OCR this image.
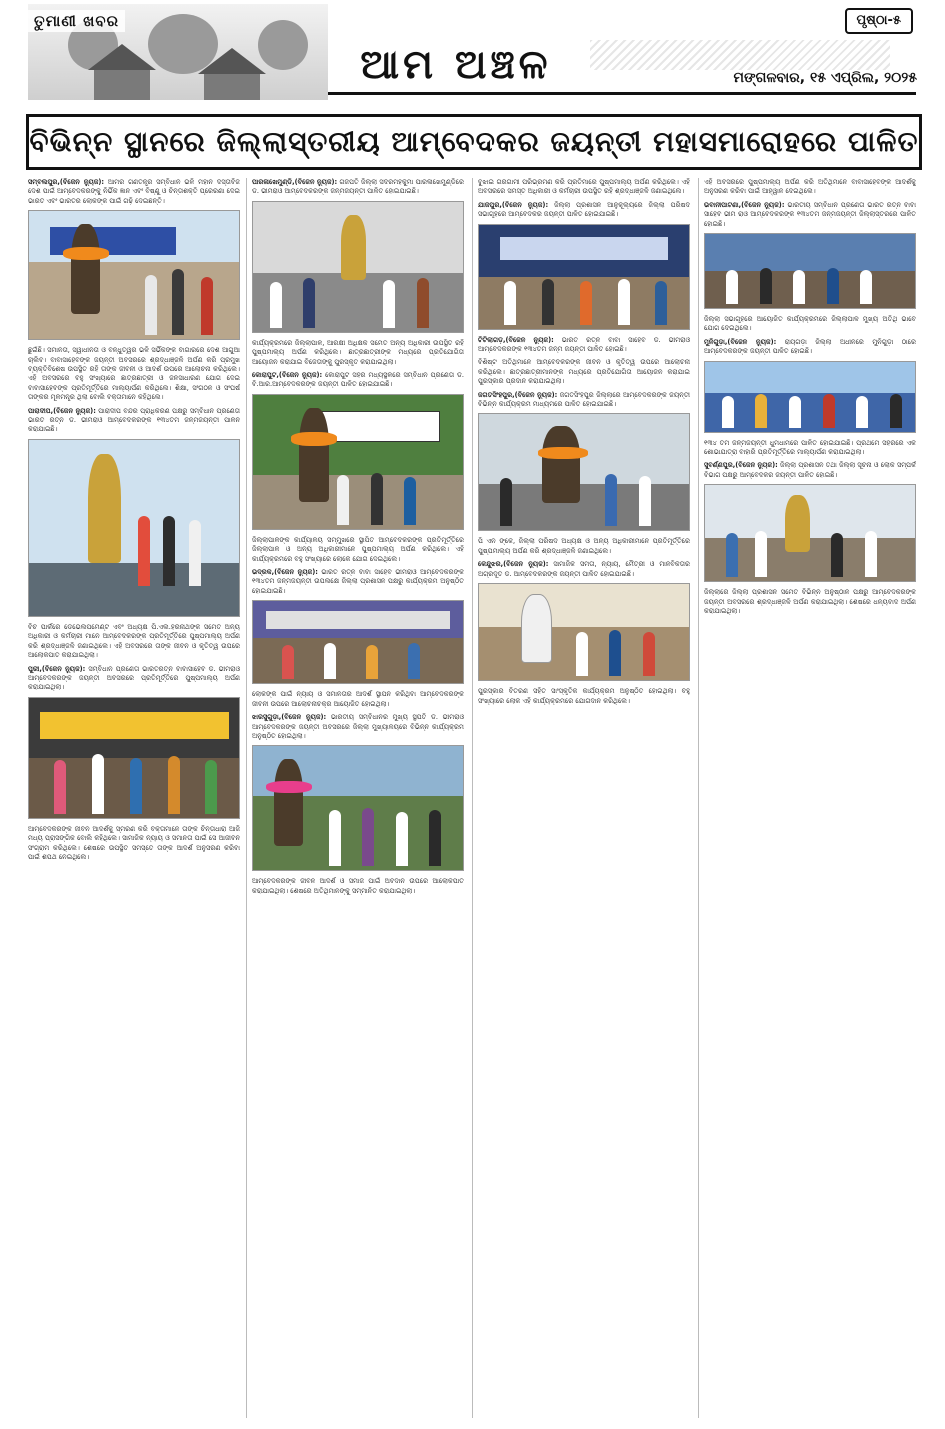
ତୁମାଣୀ ଖବର
ଆମ ଅଞ୍ଚଳ
ପୃଷ୍ଠା-୫
ମଙ୍ଗଳବାର, ୧୫ ଏପ୍ରିଲ, ୨୦୨୫
ବିଭିନ୍ନ ସ୍ଥାନରେ ଜିଲ୍ଲାସ୍ତରୀୟ ଆମ୍ବେଦକର ଜୟନ୍ତୀ ମହାସମାରୋହରେ ପାଳିତ

ସମ୍ବଲପୁର,(ବିଜେନ ନ୍ୟୁଜ): ଆମର ଗଣତନ୍ତ୍ର ସମ୍ବିଧାନ ଭଳି ମହାନ ଦସ୍ତାବିଜ ଦେଶ ପାଇଁ ଆମ୍ବେଦକରଙ୍କୁ ନିର୍ଭିକ ଜ୍ଞାନ ଏବଂ ବିଷ୍ଣୁ ଓ ଚିନ୍ତାଶକ୍ତି ପ୍ରେରଣା ଦେଇ ଭାରତ ଏବଂ ଭାରତର ଲୋକଙ୍କ ପାଇଁ ଗଢ଼ି ଦେଇଛନ୍ତି।

ଛୁଇଁଛି। ସମାନତା, ସ୍ୱାଧୀନତା ଓ ବନ୍ଧୁତ୍ୱର ଭଳି ସର୍ଭିକଙ୍କ ବାଗାରରେ ଦେଶ ଆଗୁଆ ଚାଲିବ। ବାବାସାହେବଙ୍କ ଜୟନ୍ତୀ ଅବସରରେ ଶ୍ରଦ୍ଧାଞ୍ଜଳି ଅର୍ପଣ କରି ପ୍ରମୁଖ ବ୍ୟକ୍ତିବିଶେଷ ଉପସ୍ଥିତ ରହି ତାଙ୍କ ଜୀବନୀ ଓ ଆଦର୍ଶ ଉପରେ ଆଲୋଚନା କରିଥିଲେ। ଏହି ଅବସରରେ ବହୁ ସଂଖ୍ୟାରେ ଛାତ୍ରଛାତ୍ରୀ ଓ ଜନସାଧାରଣ ଯୋଗ ଦେଇ ବାବାସାହେବଙ୍କ ପ୍ରତିମୂର୍ତ୍ତିରେ ମାଲ୍ୟାର୍ପଣ କରିଥିଲେ। ଶିକ୍ଷା, ସଂଗଠନ ଓ ସଂଘର୍ଷ ତାଙ୍କର ମୂଳମନ୍ତ୍ର ଥିଲା ବୋଲି ବକ୍ତାମାନେ କହିଥିଲେ।

ପାରାଦୀପ,(ବିଜେନ ନ୍ୟୁଜ): ପାରାଦୀପ ବନ୍ଦର ପ୍ରାଧିକରଣ ପକ୍ଷରୁ ସମ୍ବିଧାନ ପ୍ରଣେତା ଭାରତ ରତ୍ନ ଡ. ଭୀମରାଓ ଆମ୍ବେଦକରଙ୍କ ୧୩୪ତମ ଜନ୍ମଜୟନ୍ତୀ ପାଳନ କରାଯାଇଛି।

ବିଚ ପାର୍କରେ ଡେଭେଲପମେଣ୍ଟ ଏବଂ ଅଧ୍ୟକ୍ଷ ପି.ଏଲ.ହରନାଥଙ୍କ ସମେତ ଅନ୍ୟ ଅଧିକାରୀ ଓ କର୍ମଚାରୀ ମାନେ ଆମ୍ବେଦକରଙ୍କ ପ୍ରତିମୂର୍ତ୍ତିରେ ପୁଷ୍ପମାଲ୍ୟ ଅର୍ପଣ କରି ଶ୍ରଦ୍ଧାଞ୍ଜଳି ଜଣାଇଥିଲେ। ଏହି ଅବସରରେ ତାଙ୍କ ଜୀବନ ଓ କୃତିତ୍ୱ ଉପରେ ଆଲୋକପାତ କରାଯାଇଥିଲା।

ପୁରୀ,(ବିଜେନ ନ୍ୟୁଜ): ସମ୍ବିଧାନ ପ୍ରଣେତା ଭାରତରତ୍ନ ବାବାସାହେବ ଡ. ଭୀମରାଓ ଆମ୍ବେଦକରଙ୍କ ଜୟନ୍ତୀ ଅବସରରେ ପ୍ରତିମୂର୍ତ୍ତିରେ ପୁଷ୍ପମାଲ୍ୟ ଅର୍ପଣ କରାଯାଇଥିଲା।

ଆମ୍ବେଦକରଙ୍କ ଜୀବନ ଆଦର୍ଶକୁ ସ୍ମରଣ କରି ବକ୍ତାମାନେ ତାଙ୍କ ଚିନ୍ତାଧାରା ଆଜି ମଧ୍ୟ ପ୍ରାସଙ୍ଗିକ ବୋଲି କହିଥିଲେ। ସାମାଜିକ ନ୍ୟାୟ ଓ ସମାନତା ପାଇଁ ସେ ଆଜୀବନ ସଂଗ୍ରାମ କରିଥିଲେ। ଶେଷରେ ଉପସ୍ଥିତ ସମସ୍ତେ ତାଙ୍କ ଆଦର୍ଶ ଅନୁସରଣ କରିବା ପାଇଁ ଶପଥ ନେଇଥିଲେ।

ପାରଳାଖେମୁଣ୍ଡି,(ବିଜେନ ନ୍ୟୁଜ): ଗଜପତି ଜିଲ୍ଲା ସଦରମହକୁମା ପାରଳାଖେମୁଣ୍ଡିରେ ଡ. ଭୀମରାଓ ଆମ୍ବେଦକରଙ୍କ ଜନ୍ମଜୟନ୍ତୀ ପାଳିତ ହୋଇଯାଇଛି।

କାର୍ଯ୍ୟକ୍ରମରେ ଜିଲ୍ଲାପାଳ, ଆରକ୍ଷୀ ଅଧିକ୍ଷକ ସମେତ ଅନ୍ୟ ଅଧିକାରୀ ଉପସ୍ଥିତ ରହି ପୁଷ୍ପମାଲ୍ୟ ଅର୍ପଣ କରିଥିଲେ। ଛାତ୍ରଛାତ୍ରୀଙ୍କ ମଧ୍ୟରେ ପ୍ରତିଯୋଗିତା ଆୟୋଜନ କରାଯାଇ ବିଜେତାଙ୍କୁ ପୁରସ୍କୃତ କରାଯାଇଥିଲା।

କୋରାପୁଟ,(ବିଜେନ ନ୍ୟୁଜ): କୋରାପୁଟ ସହର ମଧ୍ୟସ୍ଥଳରେ ସମ୍ବିଧାନ ପ୍ରଣେତା ଡ. ବି.ଆର.ଆମ୍ବେଦକରଙ୍କ ଜୟନ୍ତୀ ପାଳିତ ହୋଇଯାଇଛି।

ଜିଲ୍ଲାପାଳଙ୍କ କାର୍ଯ୍ୟାଳୟ ସମ୍ମୁଖରେ ସ୍ଥାପିତ ଆମ୍ବେଦକରଙ୍କ ପ୍ରତିମୂର୍ତ୍ତିରେ ଜିଲ୍ଲାପାଳ ଓ ଅନ୍ୟ ଅଧିକାରୀମାନେ ପୁଷ୍ପମାଲ୍ୟ ଅର୍ପଣ କରିଥିଲେ। ଏହି କାର୍ଯ୍ୟକ୍ରମରେ ବହୁ ସଂଖ୍ୟାରେ ଲୋକେ ଯୋଗ ଦେଇଥିଲେ।

ଭଦ୍ରକ,(ବିଜେନ ନ୍ୟୁଜ): ଭାରତ ରତ୍ନ ବାବା ସାହେବ ଭୀମରାଓ ଆମ୍ବେଦକରଙ୍କ ୧୩୪ତମ ଜନ୍ମଜୟନ୍ତୀ ଉପଲକ୍ଷେ ଜିଲ୍ଲା ପ୍ରଶାସନ ପକ୍ଷରୁ କାର୍ଯ୍ୟକ୍ରମ ଅନୁଷ୍ଠିତ ହୋଇଯାଇଛି।

ଲୋକଙ୍କ ପାଇଁ ନ୍ୟାୟ ଓ ସମାନତାର ଆଦର୍ଶ ସ୍ଥାପନ କରିଥିବା ଆମ୍ବେଦକରଙ୍କ ଜୀବନୀ ଉପରେ ଆଲୋଚନାଚକ୍ର ଆୟୋଜିତ ହୋଇଥିଲା।

ଝାରସୁଗୁଡ଼ା,(ବିଜେନ ନ୍ୟୁଜ): ଭାରତୀୟ ସମ୍ବିଧାନର ମୁଖ୍ୟ ସ୍ଥପତି ଡ. ଭୀମରାଓ ଆମ୍ବେଦକରଙ୍କ ଜୟନ୍ତୀ ଅବସରରେ ଜିଲ୍ଲା ମୁଖ୍ୟାଳୟରେ ବିଭିନ୍ନ କାର୍ଯ୍ୟକ୍ରମ ଅନୁଷ୍ଠିତ ହୋଇଥିଲା।

ଆମ୍ବେଦକରଙ୍କ ଜୀବନ ଆଦର୍ଶ ଓ ସମାଜ ପାଇଁ ଅବଦାନ ଉପରେ ଆଲୋକପାତ କରାଯାଇଥିଲା। ଶେଷରେ ଅତିଥିମାନଙ୍କୁ ସମ୍ମାନିତ କରାଯାଇଥିଲା।

ବୁଝାଇ ଗରଗାମୀ ପରିଭ୍ରମଣ କରି ପ୍ରତିମାରେ ପୁଷ୍ପମାଲ୍ୟ ଅର୍ପଣ କରିଥିଲେ। ଏହି ଅବସରରେ ସମସ୍ତ ଅଧିକାରୀ ଓ କର୍ମଚାରୀ ଉପସ୍ଥିତ ରହି ଶ୍ରଦ୍ଧାଞ୍ଜଳି ଜଣାଇଥିଲେ।

ଯାଜପୁର,(ବିଜେନ ନ୍ୟୁଜ): ଜିଲ୍ଲା ପ୍ରଶାସନ ଆନୁକୂଲ୍ୟରେ ଜିଲ୍ଲା ପରିଷଦ ସଭାଗୃହରେ ଆମ୍ବେଦକର ଜୟନ୍ତୀ ପାଳିତ ହୋଇଯାଇଛି।

ଟିଟିଲାଗଡ଼,(ବିଜେନ ନ୍ୟୁଜ): ଭାରତ ରତ୍ନ ବାବା ସାହେବ ଡ. ଭୀମରାଓ ଆମ୍ବେଦକରଙ୍କ ୧୩୪ତମ ଜନ୍ମ ଜୟନ୍ତୀ ପାଳିତ ହୋଇଛି।

ବିଶିଷ୍ଟ ଅତିଥିମାନେ ଆମ୍ବେଦକରଙ୍କ ଜୀବନ ଓ କୃତିତ୍ୱ ଉପରେ ଆଲୋଚନା କରିଥିଲେ। ଛାତ୍ରଛାତ୍ରୀମାନଙ୍କ ମଧ୍ୟରେ ପ୍ରତିଯୋଗିତା ଆୟୋଜନ କରାଯାଇ ପୁରସ୍କାର ପ୍ରଦାନ କରାଯାଇଥିଲା।

ଜଗତସିଂହପୁର,(ବିଜେନ ନ୍ୟୁଜ): ଜଗତସିଂହପୁର ଜିଲ୍ଲାରେ ଆମ୍ବେଦକରଙ୍କ ଜୟନ୍ତୀ ବିଭିନ୍ନ କାର୍ଯ୍ୟକ୍ରମ ମାଧ୍ୟମରେ ପାଳିତ ହୋଇଯାଇଛି।

ପି ଏନ ଙ୍କେ, ଜିଲ୍ଲା ପରିଷଦ ଅଧ୍ୟକ୍ଷ ଓ ଅନ୍ୟ ଅଧିକାରୀମାନେ ପ୍ରତିମୂର୍ତ୍ତିରେ ପୁଷ୍ପମାଲ୍ୟ ଅର୍ପଣ କରି ଶ୍ରଦ୍ଧାଞ୍ଜଳି ଜଣାଇଥିଲେ।

କେନ୍ଦୁଝର,(ବିଜେନ ନ୍ୟୁଜ): ସାମାଜିକ ସମତା, ନ୍ୟାୟ, ମୈତ୍ରୀ ଓ ମାନବିକତାର ଅଗ୍ରଦୂତ ଡ. ଆମ୍ବେଦକରଙ୍କ ଜୟନ୍ତୀ ପାଳିତ ହୋଇଯାଇଛି।

ପୁରସ୍କାର ବିତରଣ ସହିତ ସାଂସ୍କୃତିକ କାର୍ଯ୍ୟକ୍ରମ ଅନୁଷ୍ଠିତ ହୋଇଥିଲା। ବହୁ ସଂଖ୍ୟାରେ ଲୋକ ଏହି କାର୍ଯ୍ୟକ୍ରମରେ ଯୋଗଦାନ କରିଥିଲେ।

ଏହି ଅବସରରେ ପୁଷ୍ପମାଲ୍ୟ ଅର୍ପଣ କରି ଅତିଥିମାନେ ବାବାସାହେବଙ୍କ ଆଦର୍ଶକୁ ଅନୁସରଣ କରିବା ପାଇଁ ଆହ୍ୱାନ ଦେଇଥିଲେ।

ଭବାନୀପାଟଣା,(ବିଜେନ ନ୍ୟୁଜ): ଭାରତୀୟ ସମ୍ବିଧାନ ପ୍ରଣେତା ଭାରତ ରତ୍ନ ବାବା ସାହେବ ଭୀମ ରାଓ ଆମ୍ବେଦକରଙ୍କ ୧୩୪ତମ ଜନ୍ମଜୟନ୍ତୀ ଜିଲ୍ଲାସ୍ତରରେ ପାଳିତ ହୋଇଛି।

ଜିଲ୍ଲା ସଭାଗୃହରେ ଆୟୋଜିତ କାର୍ଯ୍ୟକ୍ରମରେ ଜିଲ୍ଲାପାଳ ମୁଖ୍ୟ ଅତିଥି ଭାବେ ଯୋଗ ଦେଇଥିଲେ।

ମୁନିଗୁଡ଼ା,(ବିଜେନ ନ୍ୟୁଜ): ରାୟଗଡ଼ା ଜିଲ୍ଲା ଅଧୀନରେ ମୁନିଗୁଡ଼ା ଠାରେ ଆମ୍ବେଦକରଙ୍କ ଜୟନ୍ତୀ ପାଳିତ ହୋଇଛି।

୧୩୪ ତମ ଜନ୍ମଜୟନ୍ତୀ ଧୁମଧାମରେ ପାଳିତ ହୋଇଯାଇଛି। ପ୍ରଥମେ ସହରରେ ଏକ ଶୋଭାଯାତ୍ରା ବାହାରି ପ୍ରତିମୂର୍ତ୍ତିରେ ମାଲ୍ୟାର୍ପଣ କରାଯାଇଥିଲା।

ସୁବର୍ଣ୍ଣପୁର,(ବିଜେନ ନ୍ୟୁଜ): ଜିଲ୍ଲା ପ୍ରଶାସନ ତଥା ଜିଲ୍ଲା ସୂଚନା ଓ ଲୋକ ସମ୍ପର୍କ ବିଭାଗ ପକ୍ଷରୁ ଆମ୍ବେଦକର ଜୟନ୍ତୀ ପାଳିତ ହୋଇଛି।

ଜିଲ୍ଲାରେ ଜିଲ୍ଲା ପ୍ରଶାସନ ସମେତ ବିଭିନ୍ନ ଅନୁଷ୍ଠାନ ପକ୍ଷରୁ ଆମ୍ବେଦକରଙ୍କ ଜୟନ୍ତୀ ଅବସରରେ ଶ୍ରଦ୍ଧାଞ୍ଜଳି ଅର୍ପଣ କରାଯାଇଥିଲା। ଶେଷରେ ଧନ୍ୟବାଦ ଅର୍ପଣ କରାଯାଇଥିଲା।
